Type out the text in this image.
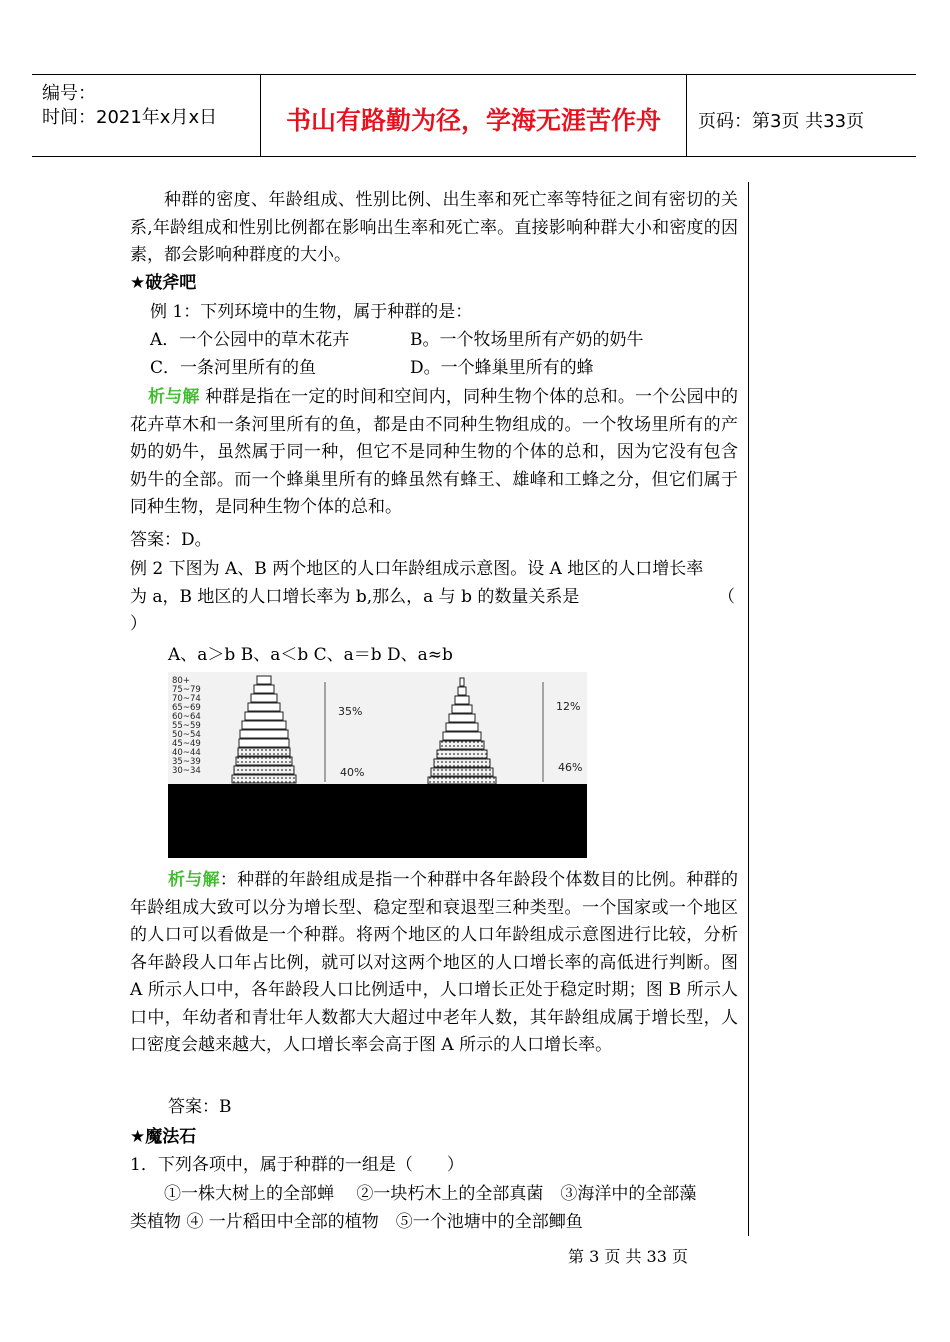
编号：
时间：2021年x月x日	书山有路勤为径，学海无涯苦作舟	页码：第3页 共33页
种群的密度、年龄组成、性别比例、出生率和死亡率等特征之间有密切的关系,年龄组成和性别比例都在影响出生率和死亡率。直接影响种群大小和密度的因素，都会影响种群度的大小。
★破斧吧
例 1：下列环境中的生物，属于种群的是：
A．一个公园中的草木花卉	B。一个牧场里所有产奶的奶牛
C．一条河里所有的鱼	D。一个蜂巢里所有的蜂
析与解 种群是指在一定的时间和空间内，同种生物个体的总和。一个公园中的花卉草木和一条河里所有的鱼，都是由不同种生物组成的。一个牧场里所有的产奶的奶牛，虽然属于同一种，但它不是同种生物的个体的总和，因为它没有包含奶牛的全部。而一个蜂巢里所有的蜂虽然有蜂王、雄峰和工蜂之分，但它们属于同种生物，是同种生物个体的总和。
答案：D。
例 2 下图为 A、B 两个地区的人口年龄组成示意图。设 A 地区的人口增长率
为 a，B 地区的人口增长率为 b,那么，a 与 b 的数量关系是	（
）
A、a＞b B、a＜b C、a＝b D、a≈b
80+
75~79
70~74
65~69
60~64
55~59
50~54
45~49
40~44
35~39
30~34
35%
40%
12%
46%
析与解：种群的年龄组成是指一个种群中各年龄段个体数目的比例。种群的年龄组成大致可以分为增长型、稳定型和衰退型三种类型。一个国家或一个地区的人口可以看做是一个种群。将两个地区的人口年龄组成示意图进行比较，分析各年龄段人口年占比例，就可以对这两个地区的人口增长率的高低进行判断。图 A 所示人口中，各年龄段人口比例适中，人口增长正处于稳定时期；图 B 所示人口中，年幼者和青壮年人数都大大超过中老年人数，其年龄组成属于增长型，人口密度会越来越大，人口增长率会高于图 A 所示的人口增长率。
答案：B
★魔法石
1．下列各项中，属于种群的一组是（　　）
①一株大树上的全部蝉　 ②一块朽木上的全部真菌　③海洋中的全部藻
类植物 ④ 一片稻田中全部的植物　⑤一个池塘中的全部鲫鱼
第 3 页 共 33 页
